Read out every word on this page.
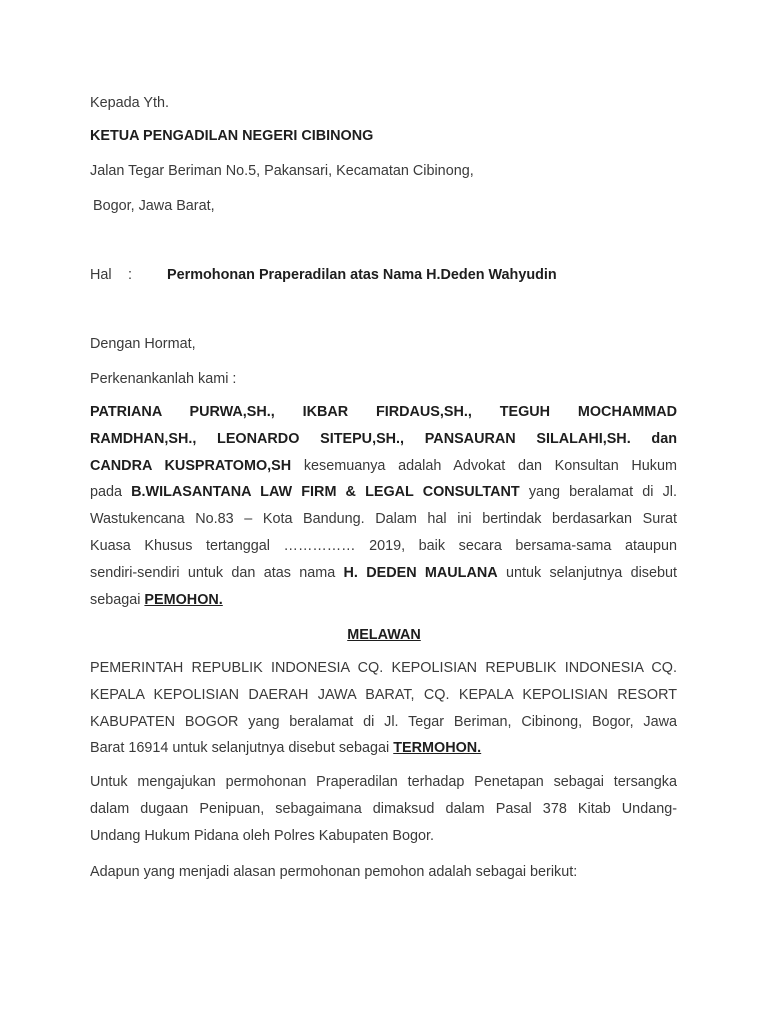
Kepada Yth.
KETUA PENGADILAN NEGERI CIBINONG
Jalan Tegar Beriman No.5, Pakansari, Kecamatan Cibinong,
Bogor, Jawa Barat,
Hal : Permohonan Praperadilan atas Nama H.Deden Wahyudin
Dengan Hormat,
Perkenankanlah kami :
PATRIANA PURWA,SH., IKBAR FIRDAUS,SH., TEGUH MOCHAMMAD
RAMDHAN,SH., LEONARDO SITEPU,SH., PANSAURAN SILALAHI,SH. dan
CANDRA KUSPRATOMO,SH kesemuanya adalah Advokat dan Konsultan Hukum
pada B.WILASANTANA LAW FIRM & LEGAL CONSULTANT yang beralamat di Jl.
Wastukencana No.83 – Kota Bandung. Dalam hal ini bertindak berdasarkan Surat
Kuasa Khusus tertanggal …………… 2019, baik secara bersama-sama ataupun
sendiri-sendiri untuk dan atas nama H. DEDEN MAULANA untuk selanjutnya disebut
sebagai PEMOHON.
MELAWAN
PEMERINTAH REPUBLIK INDONESIA CQ. KEPOLISIAN REPUBLIK INDONESIA CQ.
KEPALA KEPOLISIAN DAERAH JAWA BARAT, CQ. KEPALA KEPOLISIAN RESORT
KABUPATEN BOGOR yang beralamat di Jl. Tegar Beriman, Cibinong, Bogor, Jawa
Barat 16914 untuk selanjutnya disebut sebagai TERMOHON.
Untuk mengajukan permohonan Praperadilan terhadap Penetapan sebagai tersangka
dalam dugaan Penipuan, sebagaimana dimaksud dalam Pasal 378 Kitab Undang-
Undang Hukum Pidana oleh Polres Kabupaten Bogor.
Adapun yang menjadi alasan permohonan pemohon adalah sebagai berikut:
